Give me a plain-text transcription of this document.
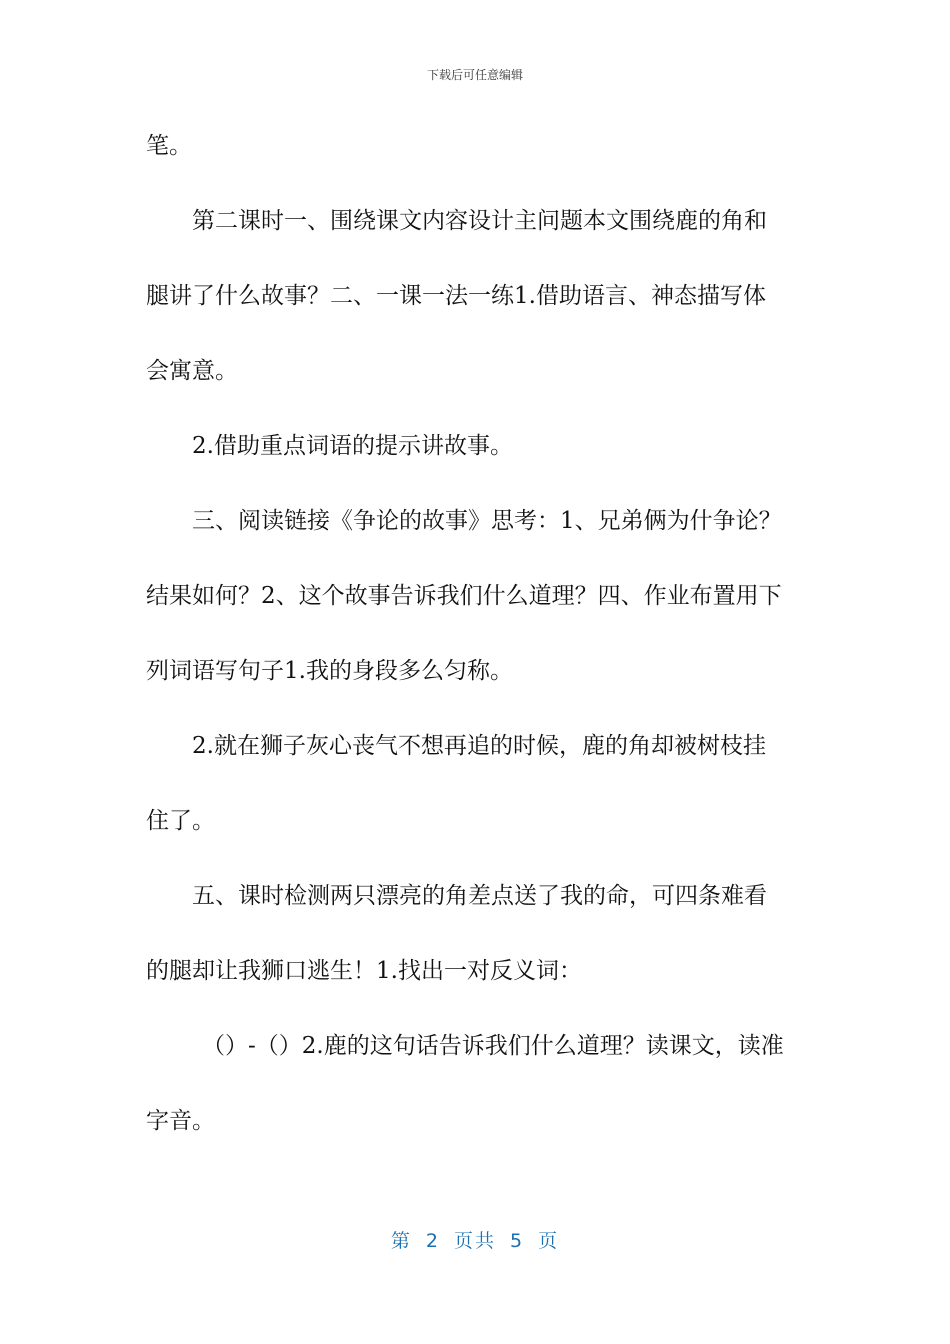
下载后可任意编辑
笔。
第二课时一、围绕课文内容设计主问题本文围绕鹿的角和
腿讲了什么故事？二、一课一法一练1.借助语言、神态描写体
会寓意。
2.借助重点词语的提示讲故事。
三、阅读链接《争论的故事》思考：1、兄弟俩为什争论？
结果如何？2、这个故事告诉我们什么道理？四、作业布置用下
列词语写句子1.我的身段多么匀称。
2.就在狮子灰心丧气不想再追的时候，鹿的角却被树枝挂
住了。
五、课时检测两只漂亮的角差点送了我的命，可四条难看
的腿却让我狮口逃生！1.找出一对反义词：
（）-（）2.鹿的这句话告诉我们什么道理？读课文，读准
字音。
第 2 页共 5 页
